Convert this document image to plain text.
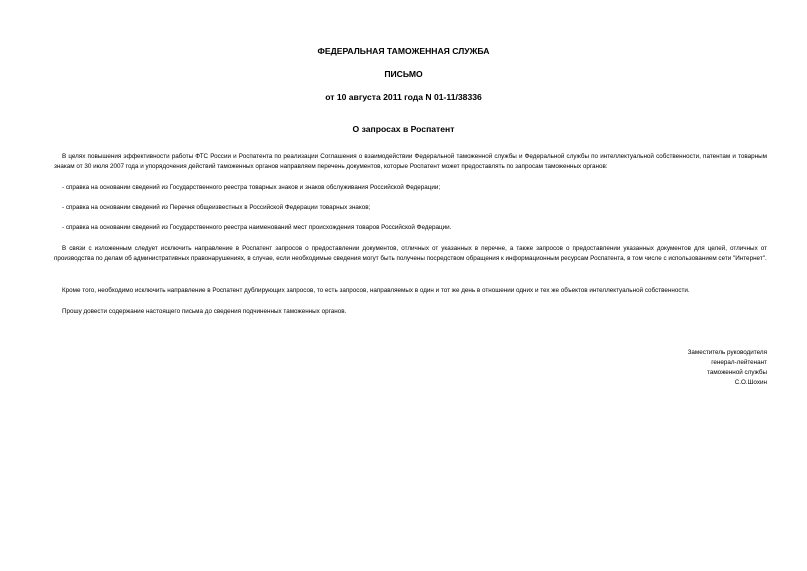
ФЕДЕРАЛЬНАЯ ТАМОЖЕННАЯ СЛУЖБА
ПИСЬМО
от 10 августа 2011 года N 01-11/38336
О запросах в Роспатент
В целях повышения эффективности работы ФТС России и Роспатента по реализации Соглашения о взаимодействии Федеральной таможенной службы и Федеральной службы по интеллектуальной собственности, патентам и товарным знакам от 30 июля 2007 года и упорядочения действий таможенных органов направляем перечень документов, которые Роспатент может предоставлять по запросам таможенных органов:
- справка на основании сведений из Государственного реестра товарных знаков и знаков обслуживания Российской Федерации;
- справка на основании сведений из Перечня общеизвестных в Российской Федерации товарных знаков;
- справка на основании сведений из Государственного реестра наименований мест происхождения товаров Российской Федерации.
В связи с изложенным следует исключить направление в Роспатент запросов о предоставлении документов, отличных от указанных в перечне, а также запросов о предоставлении указанных документов для целей, отличных от производства по делам об административных правонарушениях, в случае, если необходимые сведения могут быть получены посредством обращения к информационным ресурсам Роспатента, в том числе с использованием сети "Интернет".
Кроме того, необходимо исключить направление в Роспатент дублирующих запросов, то есть запросов, направляемых в один и тот же день в отношении одних и тех же объектов интеллектуальной собственности.
Прошу довести содержание настоящего письма до сведения подчиненных таможенных органов.
Заместитель руководителя
генерал-лейтенант
таможенной службы
С.О.Шохин
